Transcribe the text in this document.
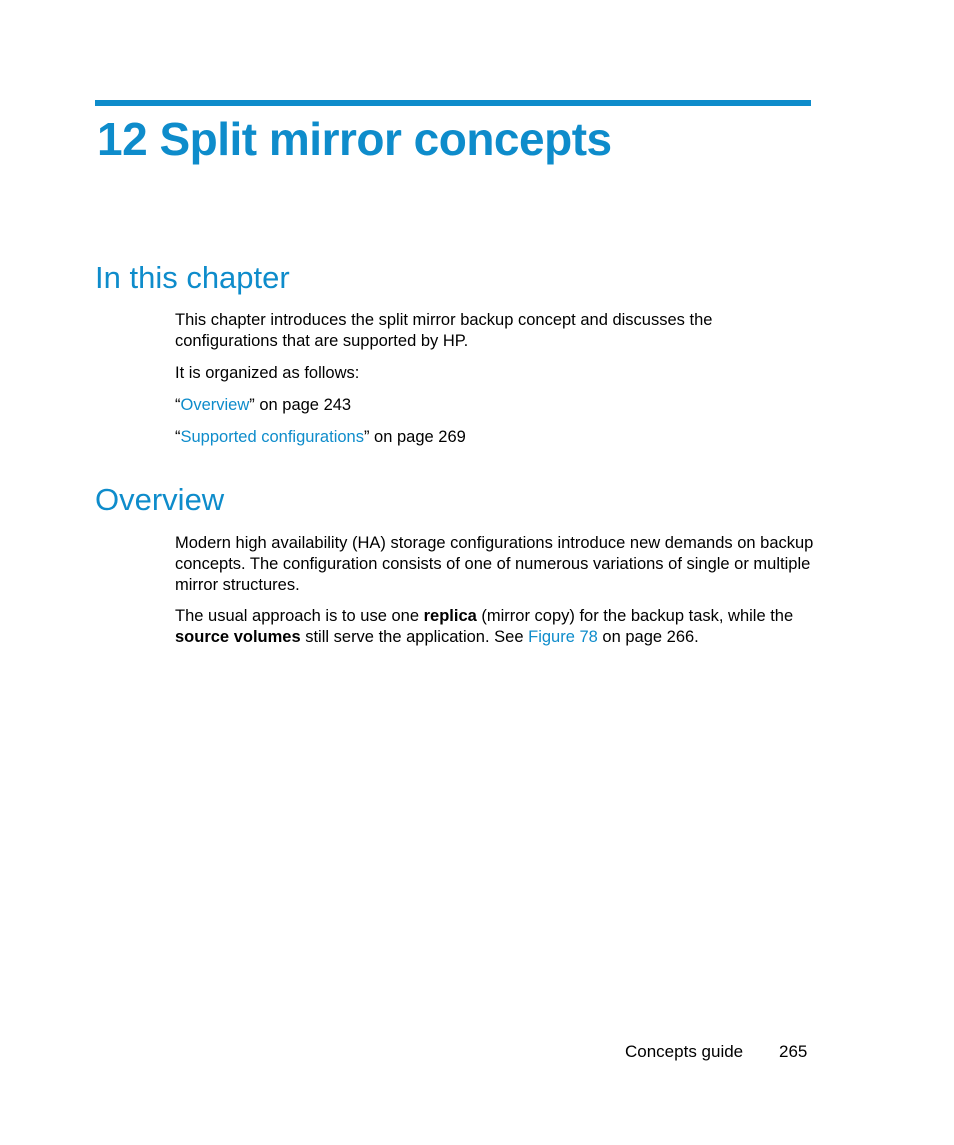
12 Split mirror concepts
In this chapter

This chapter introduces the split mirror backup concept and discusses the configurations that are supported by HP.

It is organized as follows:

“Overview” on page 243

“Supported configurations” on page 269

Overview

Modern high availability (HA) storage configurations introduce new demands on backup concepts. The configuration consists of one of numerous variations of single or multiple mirror structures.

The usual approach is to use one replica (mirror copy) for the backup task, while the source volumes still serve the application. See Figure 78 on page 266.

Concepts guide 265
